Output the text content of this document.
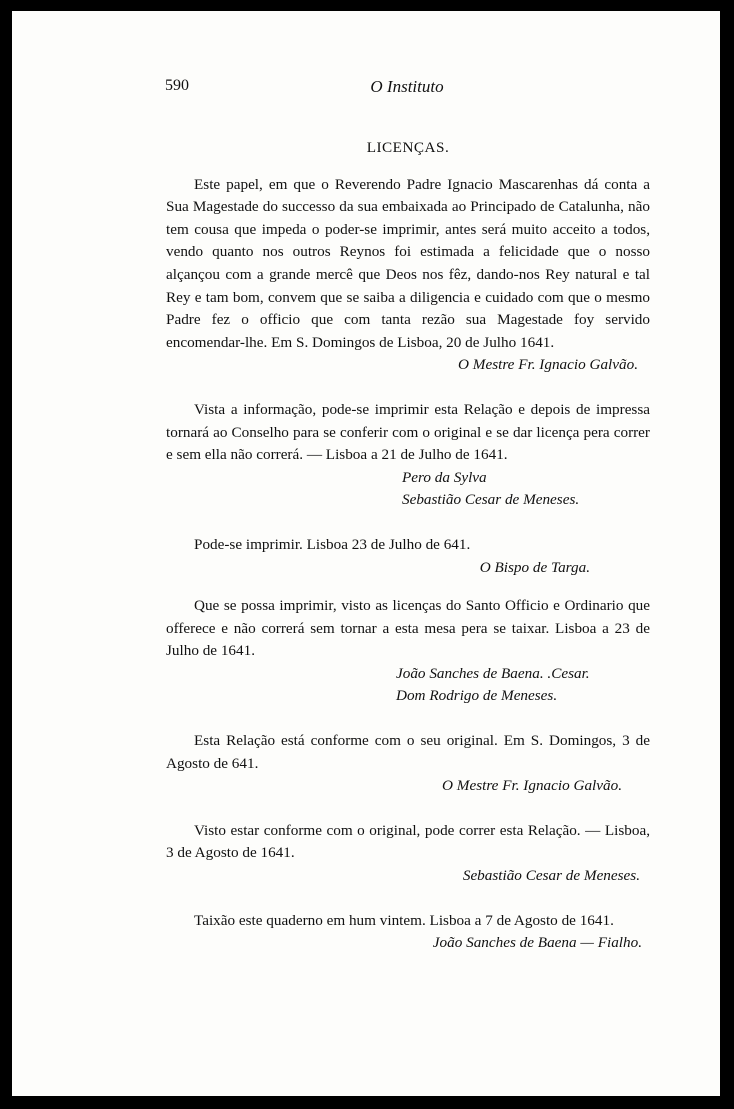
590	O Instituto
LICENÇAS.

Este papel, em que o Reverendo Padre Ignacio Mascarenhas dá conta a Sua Magestade do successo da sua embaixada ao Principado de Catalunha, não tem cousa que impeda o poder-se imprimir, antes será muito acceito a todos, vendo quanto nos outros Reynos foi estimada a felicidade que o nosso alçançou com a grande mercê que Deos nos fêz, dando-nos Rey natural e tal Rey e tam bom, convem que se saiba a diligencia e cuidado com que o mesmo Padre fez o officio que com tanta rezão sua Magestade foy servido encomendar-lhe. Em S. Domingos de Lisboa, 20 de Julho 1641.

O Mestre Fr. Ignacio Galvão.

Vista a informação, pode-se imprimir esta Relação e depois de impressa tornará ao Conselho para se conferir com o original e se dar licença pera correr e sem ella não correrá. — Lisboa a 21 de Julho de 1641.

Pero da Sylva

Sebastião Cesar de Meneses.

Pode-se imprimir. Lisboa 23 de Julho de 641.

O Bispo de Targa.

Que se possa imprimir, visto as licenças do Santo Officio e Ordinario que offerece e não correrá sem tornar a esta mesa pera se taixar. Lisboa a 23 de Julho de 1641.

João Sanches de Baena. .Cesar.

Dom Rodrigo de Meneses.

Esta Relação está conforme com o seu original. Em S. Domingos, 3 de Agosto de 641.

O Mestre Fr. Ignacio Galvão.

Visto estar conforme com o original, pode correr esta Relação. — Lisboa, 3 de Agosto de 1641.

Sebastião Cesar de Meneses.

Taixão este quaderno em hum vintem. Lisboa a 7 de Agosto de 1641.

João Sanches de Baena — Fialho.
